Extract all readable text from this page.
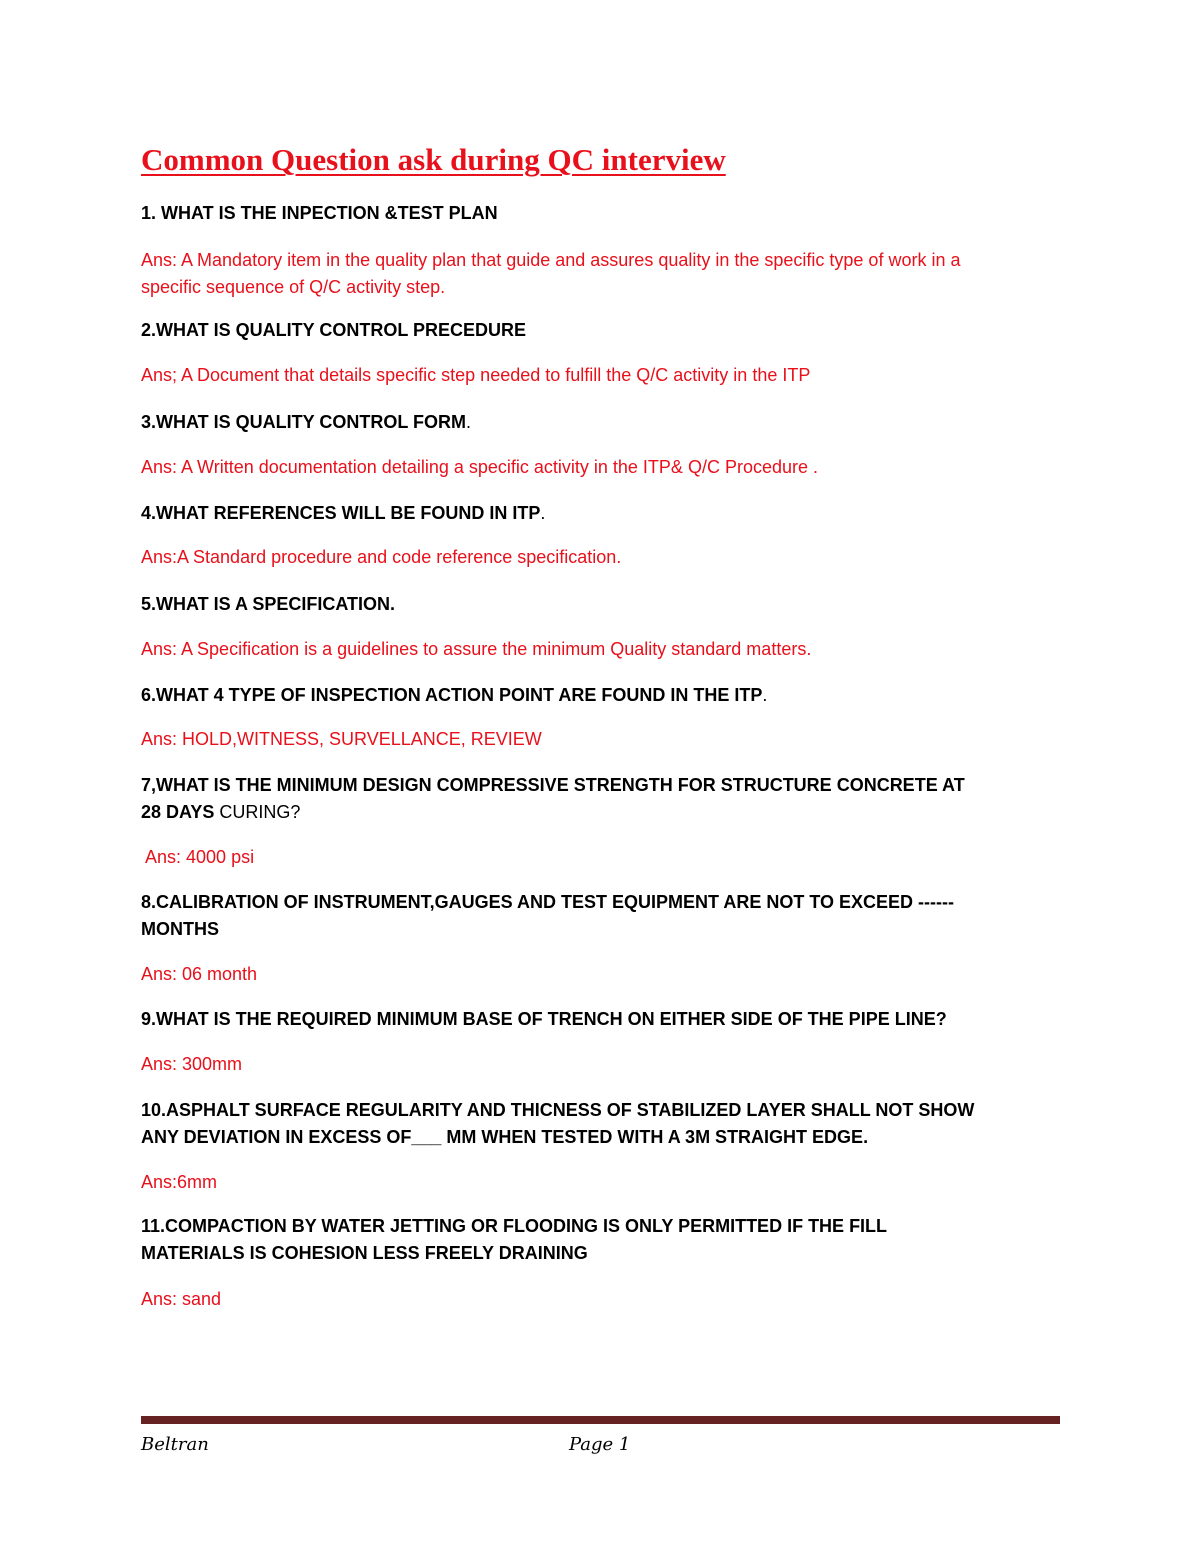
Common Question ask during QC interview

1. WHAT IS THE INPECTION &TEST PLAN

Ans: A Mandatory item in the quality plan that guide and assures quality in the specific type of work in a
specific sequence of Q/C activity step.

2.WHAT IS QUALITY CONTROL PRECEDURE

Ans; A Document that details specific step needed to fulfill the Q/C activity in the ITP

3.WHAT IS QUALITY CONTROL FORM.

Ans: A Written documentation detailing a specific activity in the ITP& Q/C Procedure .

4.WHAT REFERENCES WILL BE FOUND IN ITP.

Ans:A Standard procedure and code reference specification.

5.WHAT IS A SPECIFICATION.

Ans: A Specification is a guidelines to assure the minimum Quality standard matters.

6.WHAT 4 TYPE OF INSPECTION ACTION POINT ARE FOUND IN THE ITP.

Ans: HOLD,WITNESS, SURVELLANCE, REVIEW

7,WHAT IS THE MINIMUM DESIGN COMPRESSIVE STRENGTH FOR STRUCTURE CONCRETE AT
28 DAYS CURING?

Ans: 4000 psi

8.CALIBRATION OF INSTRUMENT,GAUGES AND TEST EQUIPMENT ARE NOT TO EXCEED ------
MONTHS

Ans: 06 month

9.WHAT IS THE REQUIRED MINIMUM BASE OF TRENCH ON EITHER SIDE OF THE PIPE LINE?

Ans: 300mm

10.ASPHALT SURFACE REGULARITY AND THICNESS OF STABILIZED LAYER SHALL NOT SHOW
ANY DEVIATION IN EXCESS OF___ MM WHEN TESTED WITH A 3M STRAIGHT EDGE.

Ans:6mm

11.COMPACTION BY WATER JETTING OR FLOODING IS ONLY PERMITTED IF THE FILL
MATERIALS IS COHESION LESS FREELY DRAINING

Ans: sand

Beltran	Page 1
